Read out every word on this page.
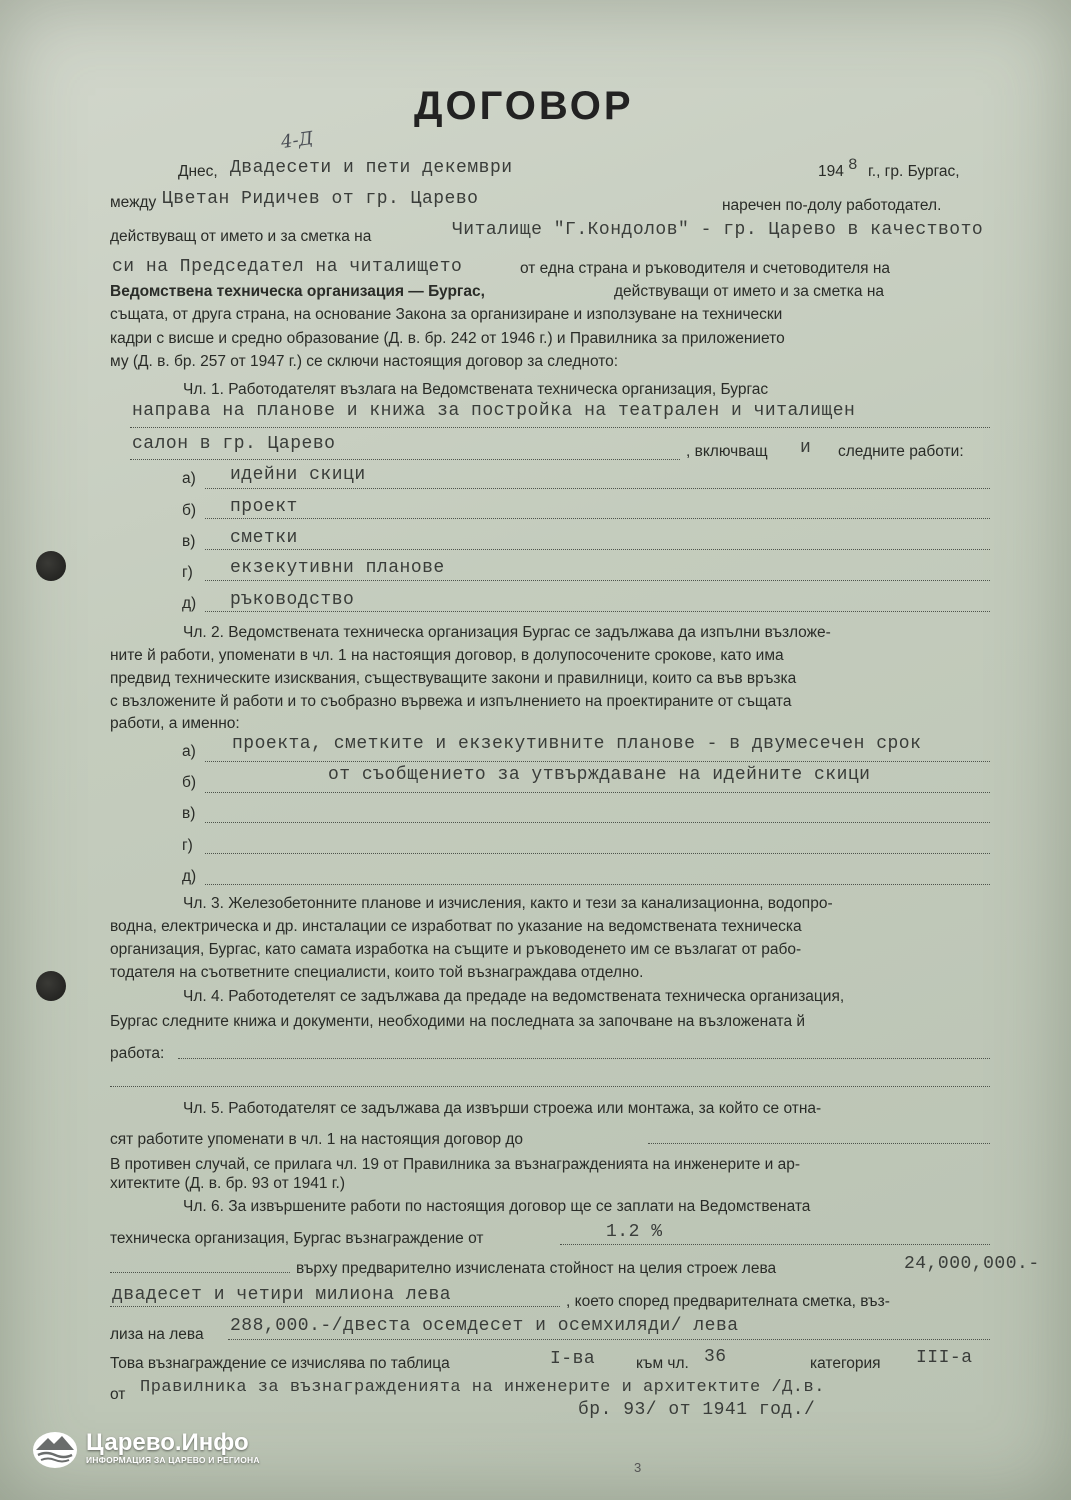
ДОГОВОР
4-Д
Днес, Двадесети и пети декември	194 8 г., гр. Бургас,
между Цветан Ридичев от гр. Царево	наречен по-долу работодател.
действуващ от името и за сметка на	Читалище "Г.Кондолов" - гр. Царево в качеството
си на Председател на читалището	от една страна и ръководителя и счетоводителя на
Ведомствена техническа организация — Бургас,	действуващи от името и за сметка на
същата, от друга страна, на основание Закона за организиране и използуване на технически
кадри с висше и средно образование (Д. в. бр. 242 от 1946 г.) и Правилника за приложението
му (Д. в. бр. 257 от 1947 г.) се сключи настоящия договор за следното:
Чл. 1. Работодателят възлага на Ведомствената техническа организация, Бургас
направа на планове и книжа за постройка на театрален и читалищен
салон в гр. Царево	, включващ и следните работи:
а) идейни скици
б) проект
в) сметки
г) екзекутивни планове
д) ръководство
Чл. 2. Ведомствената техническа организация Бургас се задължава да изпълни възложе-
ните й работи, упоменати в чл. 1 на настоящия договор, в долупосочените срокове, като има
предвид техническите изисквания, съществуващите закони и правилници, които са във връзка
с възложените й работи и то съобразно вървежа и изпълнението на проектираните от същата
работи, а именно:
а) проекта, сметките и екзекутивните планове - в двумесечен срок
б)	от съобщението за утвърждаване на идейните скици
в)
г)
д)
Чл. 3. Железобетонните планове и изчисления, както и тези за канализационна, водопро-
водна, електрическа и др. инсталации се изработват по указание на ведомствената техническа
организация, Бургас, като самата изработка на същите и ръководенето им се възлагат от рабо-
тодателя на съответните специалисти, които той възнаграждава отделно.
Чл. 4. Работодетелят се задължава да предаде на ведомствената техническа организация,
Бургас следните книжа и документи, необходими на последната за започване на възложената й
работа:
Чл. 5. Работодателят се задължава да извърши строежа или монтажа, за който се отна-
сят работите упоменати в чл. 1 на настоящия договор до
В противен случай, се прилага чл. 19 от Правилника за възнагражденията на инженерите и ар-
хитектите (Д. в. бр. 93 от 1941 г.)
Чл. 6. За извършените работи по настоящия договор ще се заплати на Ведомствената
техническа организация, Бургас възнаграждение от	1.2 %
върху предварително изчислената стойност на целия строеж лева	24,000,000.-
двадесет и четири милиона лева	, което според предварителната сметка, въз-
лиза на лева 288,000.-/двеста осемдесет и осемхиляди/ лева
Това възнаграждение се изчислява по таблица	I-ва	към чл. 36	категория III-а
от Правилника за възнагражденията на инженерите и архитектите /Д.в.
бр. 93/ от 1941 год./
3
Царево.Инфо
ИНФОРМАЦИЯ ЗА ЦАРЕВО И РЕГИОНА
